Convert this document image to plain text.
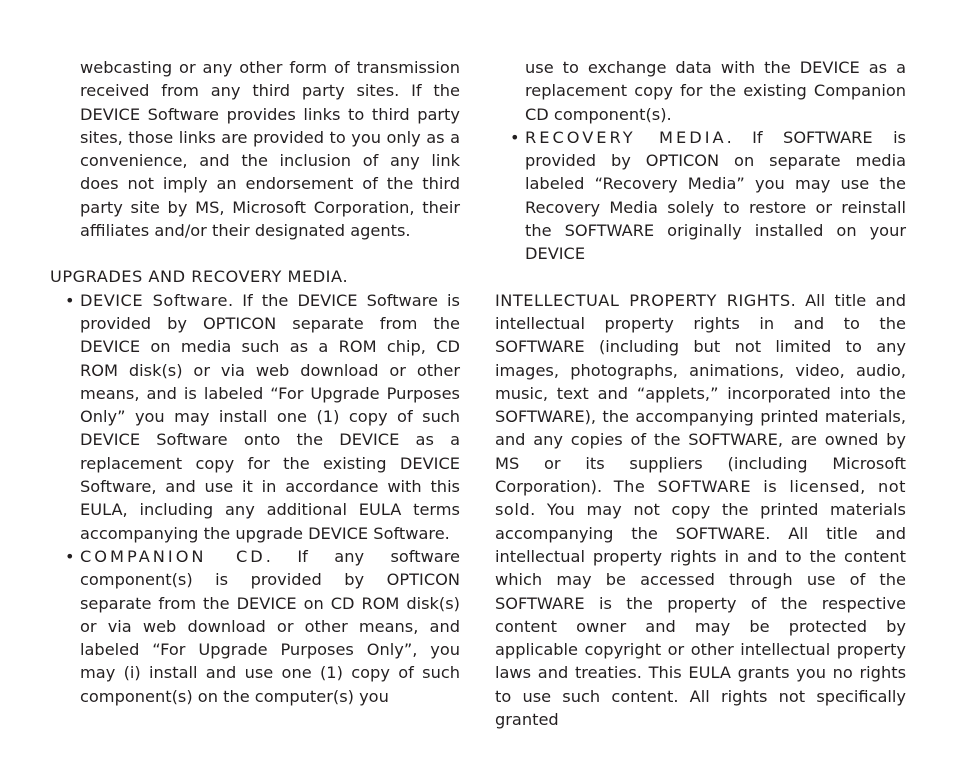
webcasting or any other form of transmission received from any third party sites. If the DEVICE Software provides links to third party sites, those links are provided to you only as a convenience, and the inclusion of any link does not imply an endorsement of the third party site by MS, Microsoft Corporation, their affiliates and/or their designated agents.

UPGRADES AND RECOVERY MEDIA.

• DEVICE Software. If the DEVICE Software is provided by OPTICON separate from the DEVICE on media such as a ROM chip, CD ROM disk(s) or via web download or other means, and is labeled “For Upgrade Purposes Only” you may install one (1) copy of such DEVICE Software onto the DEVICE as a replacement copy for the existing DEVICE Software, and use it in accordance with this EULA, including any additional EULA terms accompanying the upgrade DEVICE Software.
• COMPANION CD. If any software component(s) is provided by OPTICON separate from the DEVICE on CD ROM disk(s) or via web download or other means, and labeled “For Upgrade Purposes Only”, you may (i) install and use one (1) copy of such component(s) on the computer(s) you

use to exchange data with the DEVICE as a replacement copy for the existing Companion CD component(s).

• RECOVERY MEDIA. If SOFTWARE is provided by OPTICON on separate media labeled “Recovery Media” you may use the Recovery Media solely to restore or reinstall the SOFTWARE originally installed on your DEVICE

INTELLECTUAL PROPERTY RIGHTS. All title and intellectual property rights in and to the SOFTWARE (including but not limited to any images, photographs, animations, video, audio, music, text and “applets,” incorporated into the SOFTWARE), the accompanying printed materials, and any copies of the SOFTWARE, are owned by MS or its suppliers (including Microsoft Corporation). The SOFTWARE is licensed, not sold. You may not copy the printed materials accompanying the SOFTWARE. All title and intellectual property rights in and to the content which may be accessed through use of the SOFTWARE is the property of the respective content owner and may be protected by applicable copyright or other intellectual property laws and treaties. This EULA grants you no rights to use such content. All rights not specifically granted
